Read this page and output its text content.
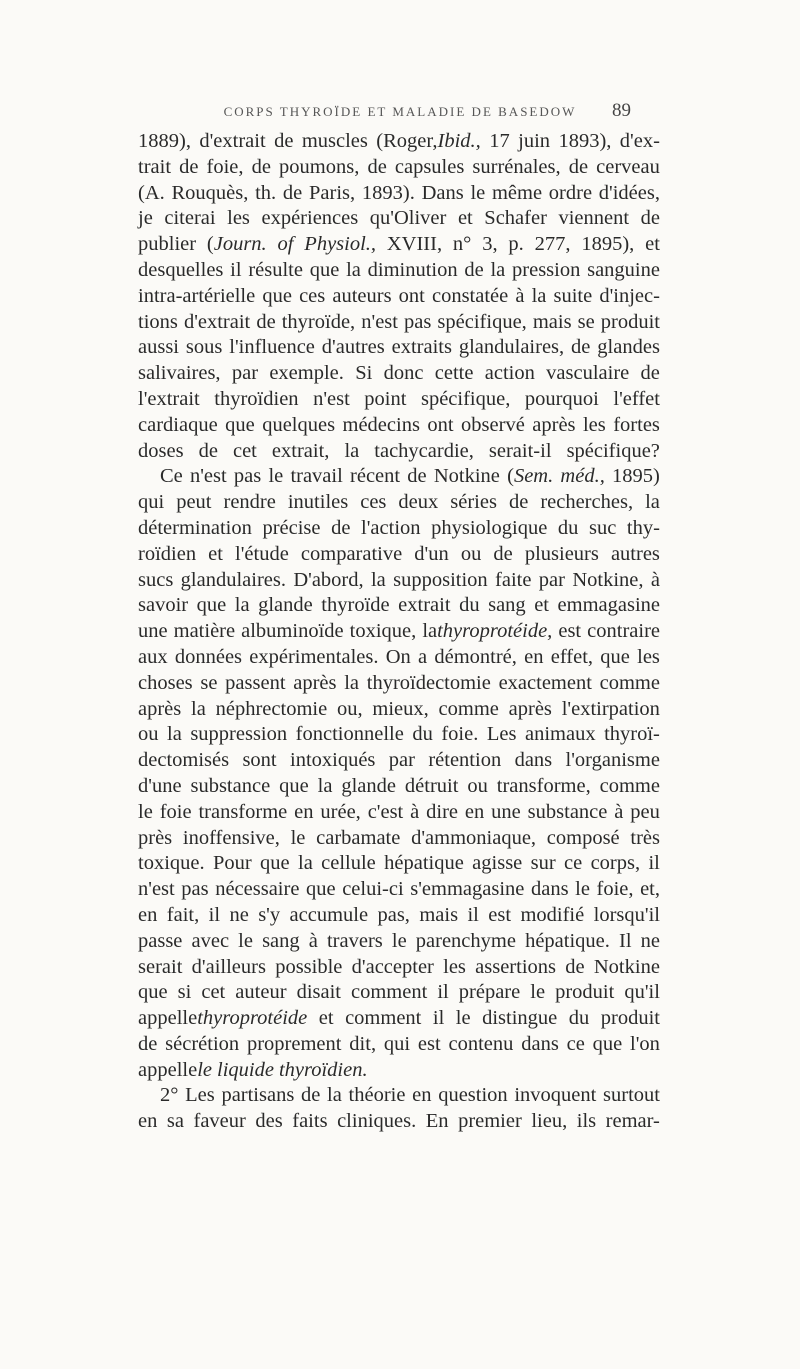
CORPS THYROÏDE ET MALADIE DE BASEDOW	89
1889), d'extrait de muscles (Roger,Ibid., 17 juin 1893), d'ex-
trait de foie, de poumons, de capsules surrénales, de cerveau
(A. Rouquès, th. de Paris, 1893). Dans le même ordre d'idées,
je citerai les expériences qu'Oliver et Schafer viennent de
publier (Journ. of Physiol., XVIII, n° 3, p. 277, 1895), et
desquelles il résulte que la diminution de la pression sanguine
intra-artérielle que ces auteurs ont constatée à la suite d'injec-
tions d'extrait de thyroïde, n'est pas spécifique, mais se produit
aussi sous l'influence d'autres extraits glandulaires, de glandes
salivaires, par exemple. Si donc cette action vasculaire de
l'extrait thyroïdien n'est point spécifique, pourquoi l'effet
cardiaque que quelques médecins ont observé après les fortes
doses de cet extrait, la tachycardie, serait-il spécifique?
Ce n'est pas le travail récent de Notkine (Sem. méd., 1895)
qui peut rendre inutiles ces deux séries de recherches, la
détermination précise de l'action physiologique du suc thy-
roïdien et l'étude comparative d'un ou de plusieurs autres
sucs glandulaires. D'abord, la supposition faite par Notkine, à
savoir que la glande thyroïde extrait du sang et emmagasine
une matière albuminoïde toxique, lathyroprotéide, est contraire
aux données expérimentales. On a démontré, en effet, que les
choses se passent après la thyroïdectomie exactement comme
après la néphrectomie ou, mieux, comme après l'extirpation
ou la suppression fonctionnelle du foie. Les animaux thyroï-
dectomisés sont intoxiqués par rétention dans l'organisme
d'une substance que la glande détruit ou transforme, comme
le foie transforme en urée, c'est à dire en une substance à peu
près inoffensive, le carbamate d'ammoniaque, composé très
toxique. Pour que la cellule hépatique agisse sur ce corps, il
n'est pas nécessaire que celui-ci s'emmagasine dans le foie, et,
en fait, il ne s'y accumule pas, mais il est modifié lorsqu'il
passe avec le sang à travers le parenchyme hépatique. Il ne
serait d'ailleurs possible d'accepter les assertions de Notkine
que si cet auteur disait comment il prépare le produit qu'il
appellethyroprotéide et comment il le distingue du produit
de sécrétion proprement dit, qui est contenu dans ce que l'on
appellele liquide thyroïdien.
2° Les partisans de la théorie en question invoquent surtout
en sa faveur des faits cliniques. En premier lieu, ils remar-
